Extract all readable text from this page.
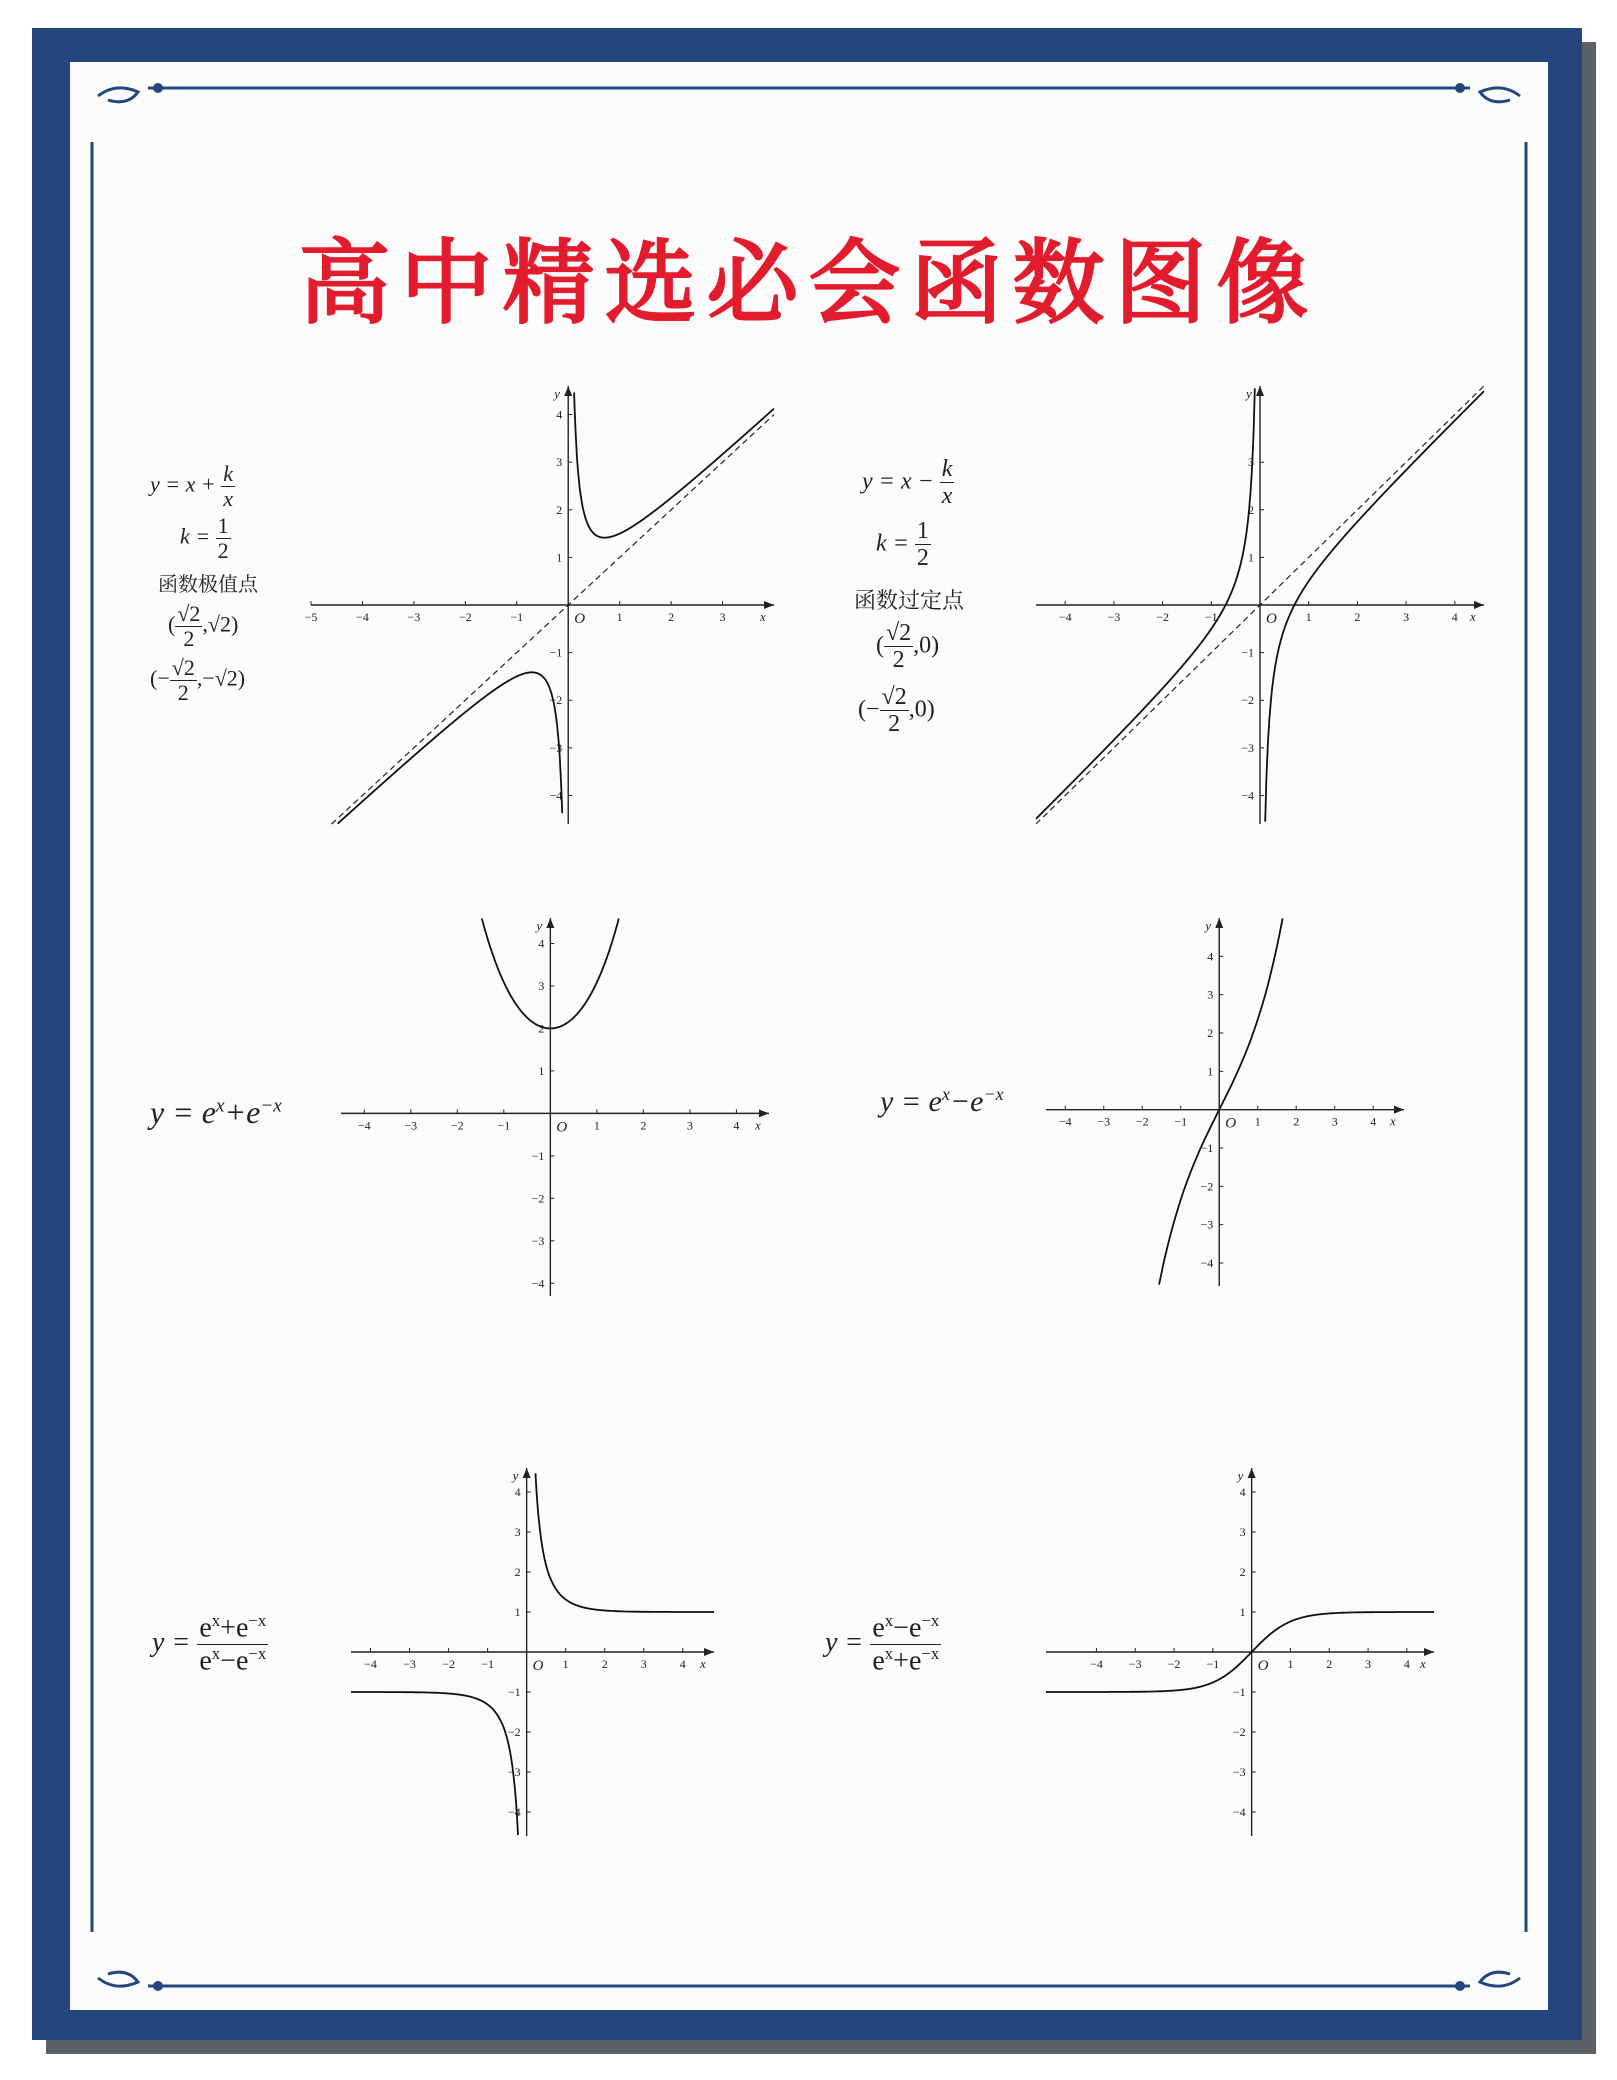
高中精选必会函数图像
x
y
O
−5	−4	−3	−2	−1	1	2	3
−4
−3
−2
−1
1
2
3
4
$y = x + \frac{k}{x}$
$k = \frac{1}{2}$
函数极值点
( $\frac{√2}{2} ,√2$)
(− $\frac{√2}{2} ,-√2$)
x
y
O
−4	−3	−2	−1	1	2	3	4
−4
−3
−2
−1
1
2
3
$y = x - \frac{k}{x}$
$k = \frac{1}{2}$
函数过定点
( $\frac{√2}{2} ,0$)
(− $\frac{√2}{2} ,0$)
x
y
O
−4	−3	−2	−1	1	2	3	4
−4
−3
−2
−1
1
2
3
4
$y = e^x+e^{-x}$
x
y
O
−4 −3 −2 −1	1	2	3	4
−4
−3
−2
−1
1
2
3
4
$y = e^x-e^{-x}$
x
y
O
−4 −3 −2 −1	1	2	3	4
−4
−3
−2
−1
1
2
3
4
$y = \frac{e^x+e^{-x}}{e^x-e^{-x}}$	x
y
O
−4 −3 −2 −1	1	2	3	4
−4
−3
−2
−1
1
2
3
4
$y = \frac{e^x-e^{-x}}{e^x+e^{-x}}$
